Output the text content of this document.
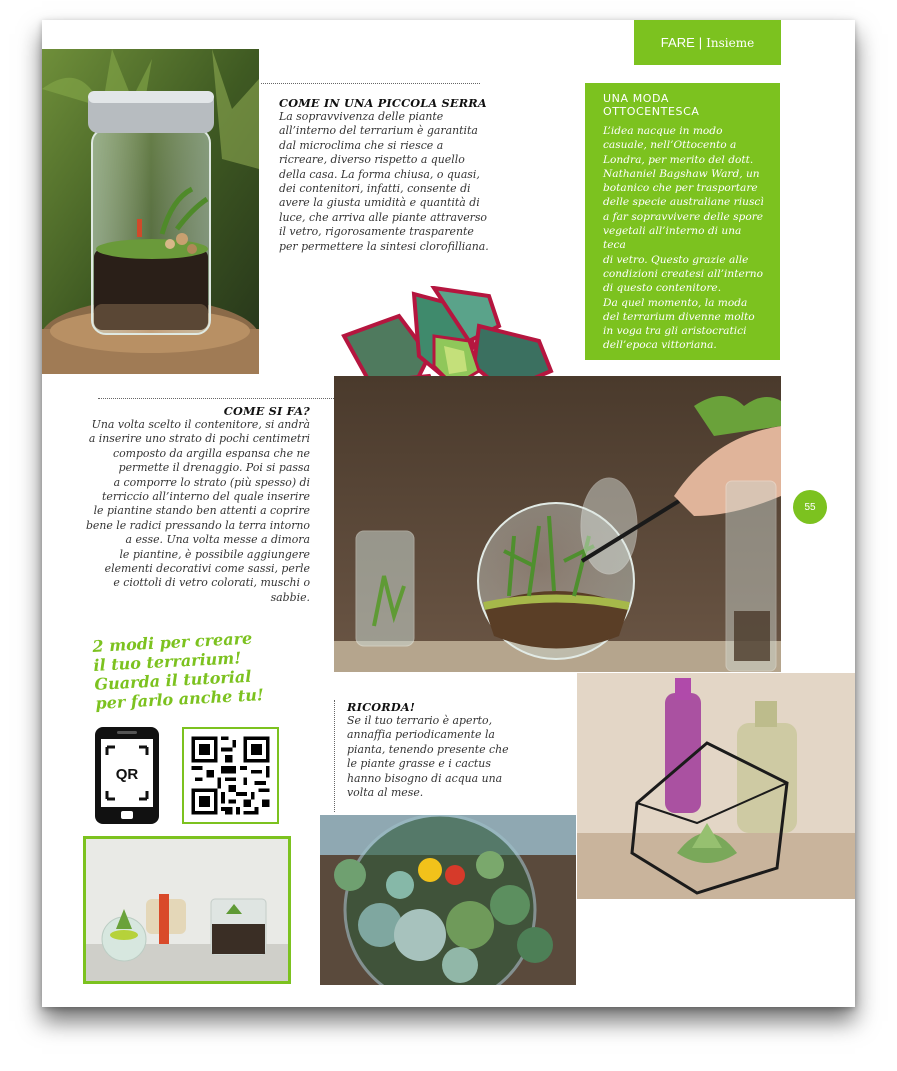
FARE | Insieme
COME IN UNA PICCOLA SERRA

La sopravvivenza delle piante
all’interno del terrarium è garantita
dal microclima che si riesce a
ricreare, diverso rispetto a quello
della casa. La forma chiusa, o quasi,
dei contenitori, infatti, consente di
avere la giusta umidità e quantità di
luce, che arriva alle piante attraverso
il vetro, rigorosamente trasparente
per permettere la sintesi clorofilliana.

UNA MODA OTTOCENTESCA

L’idea nacque in modo
casuale, nell’Ottocento a
Londra, per merito del dott.
Nathaniel Bagshaw Ward, un
botanico che per trasportare
delle specie australiane riuscì
a far sopravvivere delle spore
vegetali all’interno di una teca
di vetro. Questo grazie alle
condizioni createsi all’interno
di questo contenitore.
Da quel momento, la moda
del terrarium divenne molto
in voga tra gli aristocratici
dell’epoca vittoriana.

COME SI FA?

Una volta scelto il contenitore, si andrà
a inserire uno strato di pochi centimetri
composto da argilla espansa che ne
permette il drenaggio. Poi si passa
a comporre lo strato (più spesso) di
terriccio all’interno del quale inserire
le piantine stando ben attenti a coprire
bene le radici pressando la terra intorno
a esse. Una volta messe a dimora
le piantine, è possibile aggiungere
elementi decorativi come sassi, perle
e ciottoli di vetro colorati, muschi o
sabbie.

55
2 modi per creare
il tuo terrarium!
Guarda il tutorial
per farlo anche tu!
QR
RICORDA!

Se il tuo terrario è aperto,
annaffia periodicamente la
pianta, tenendo presente che
le piante grasse e i cactus
hanno bisogno di acqua una
volta al mese.
